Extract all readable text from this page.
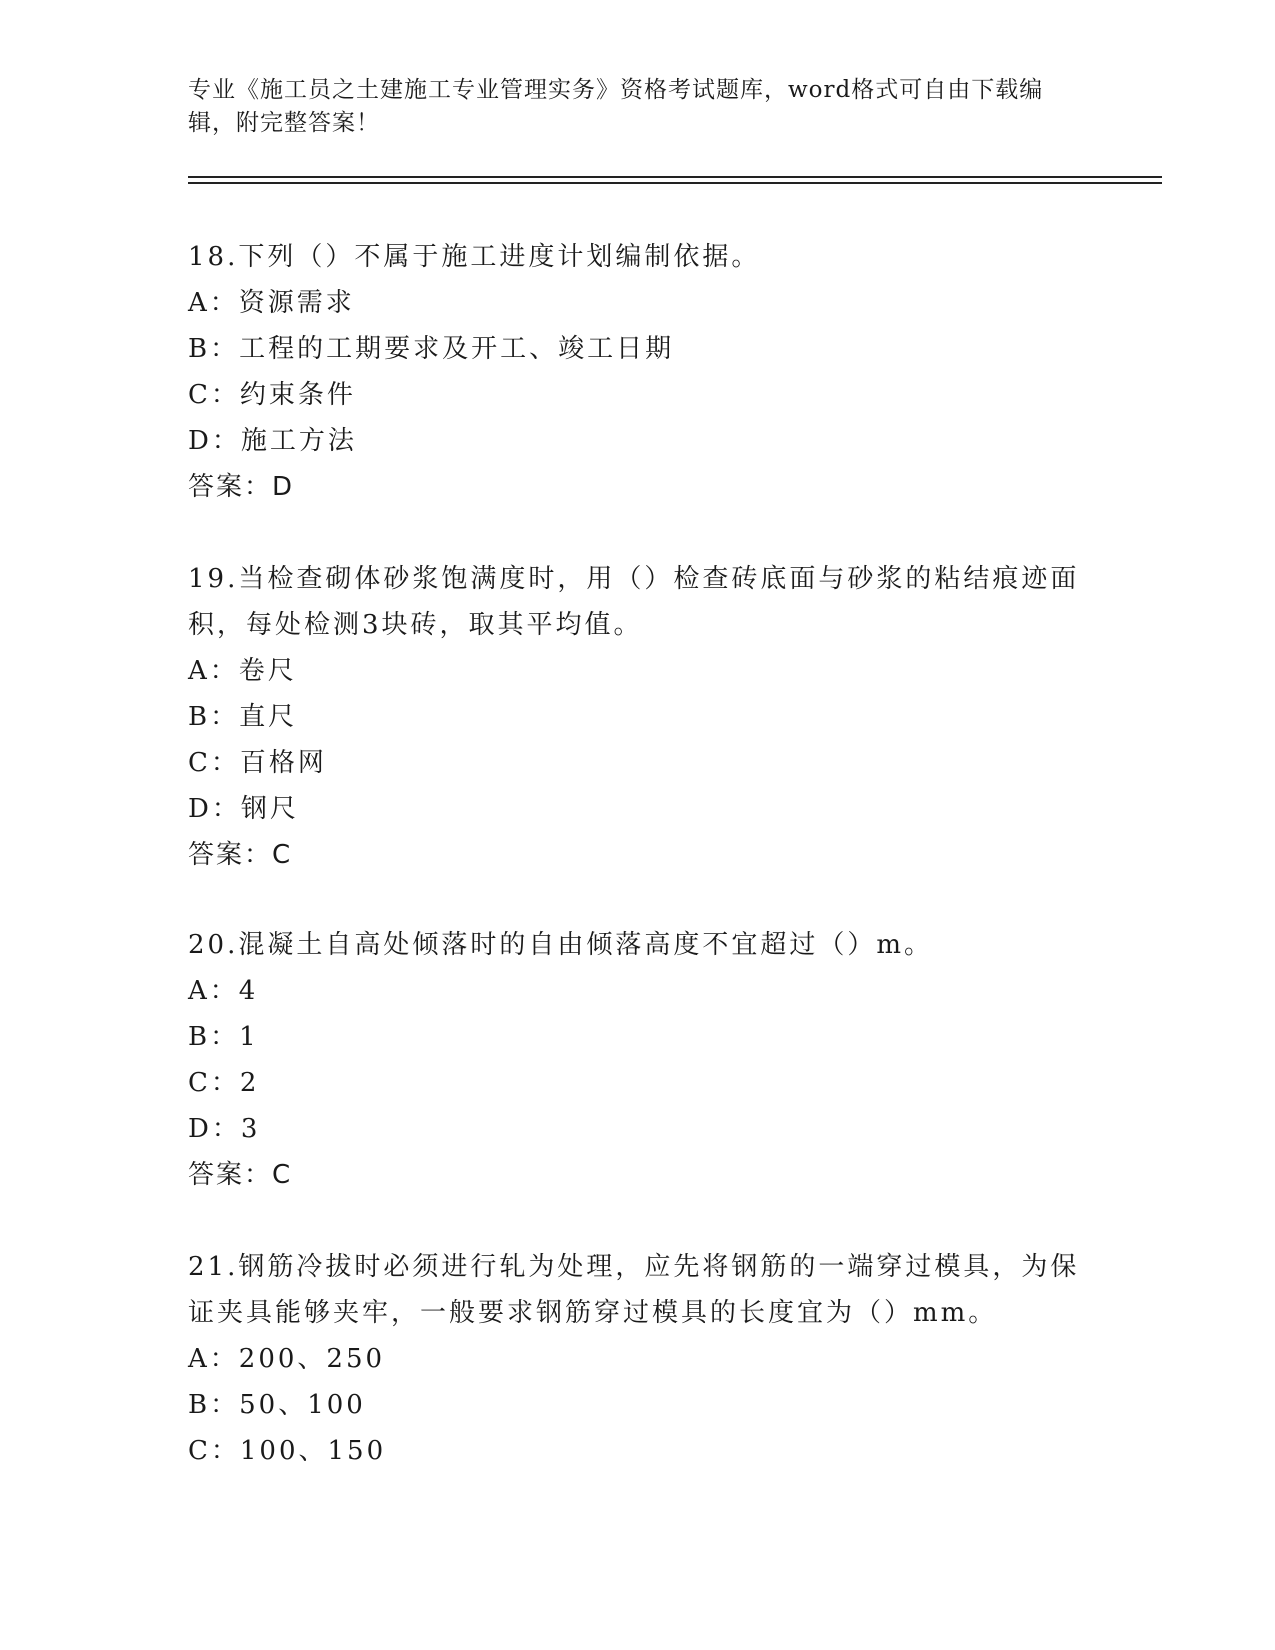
专业《施工员之土建施工专业管理实务》资格考试题库，word格式可自由下载编辑，附完整答案！
18.下列（）不属于施工进度计划编制依据。
A：资源需求
B：工程的工期要求及开工、竣工日期
C：约束条件
D：施工方法
答案：D
19.当检查砌体砂浆饱满度时，用（）检查砖底面与砂浆的粘结痕迹面积，每处检测3块砖，取其平均值。
A：卷尺
B：直尺
C：百格网
D：钢尺
答案：C
20.混凝土自高处倾落时的自由倾落高度不宜超过（）m。
A：4
B：1
C：2
D：3
答案：C
21.钢筋冷拔时必须进行轧为处理，应先将钢筋的一端穿过模具，为保证夹具能够夹牢，一般要求钢筋穿过模具的长度宜为（）mm。
A：200、250
B：50、100
C：100、150
